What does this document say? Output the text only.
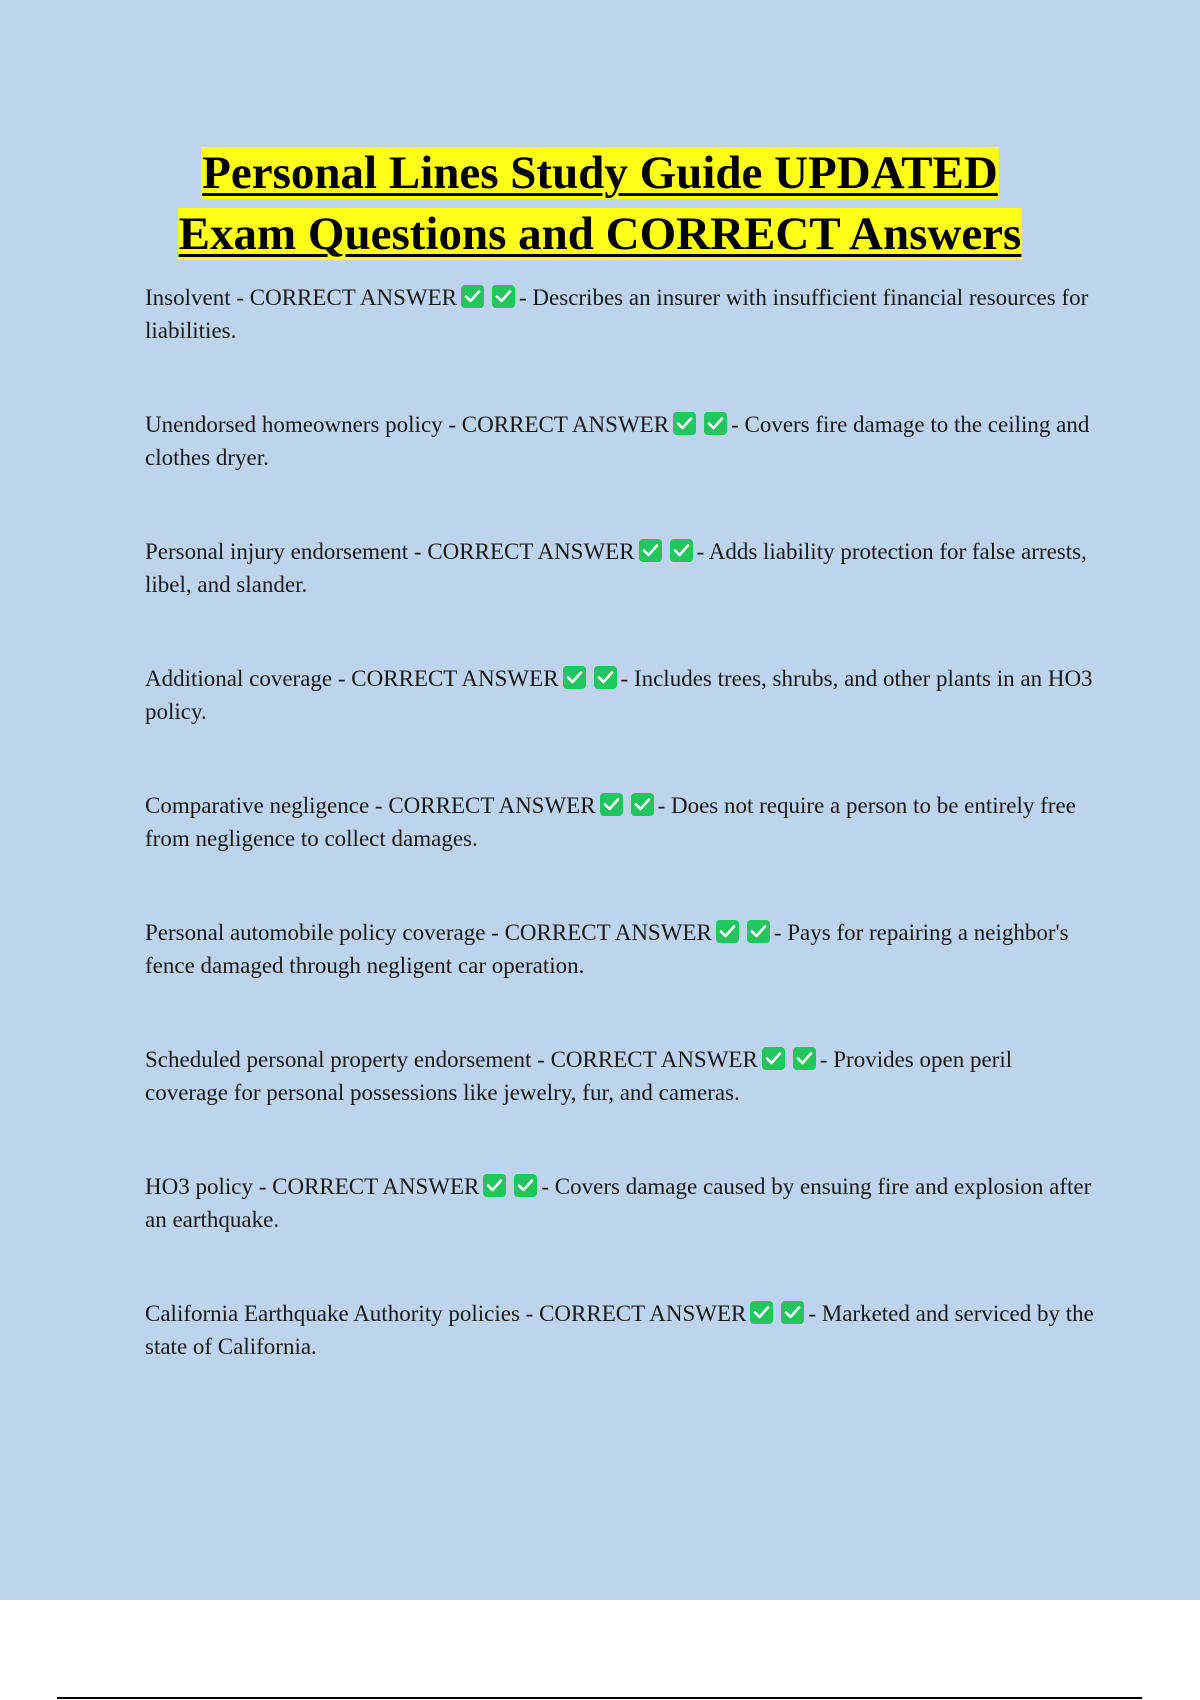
Personal Lines Study Guide UPDATED
Exam Questions and CORRECT Answers
Insolvent - CORRECT ANSWER	- Describes an insurer with insufficient financial resources for liabilities.
Unendorsed homeowners policy - CORRECT ANSWER	- Covers fire damage to the ceiling and clothes dryer.
Personal injury endorsement - CORRECT ANSWER	- Adds liability protection for false arrests, libel, and slander.
Additional coverage - CORRECT ANSWER	- Includes trees, shrubs, and other plants in an HO3 policy.
Comparative negligence - CORRECT ANSWER	- Does not require a person to be entirely free from negligence to collect damages.
Personal automobile policy coverage - CORRECT ANSWER	- Pays for repairing a neighbor's fence damaged through negligent car operation.
Scheduled personal property endorsement - CORRECT ANSWER	- Provides open peril coverage for personal possessions like jewelry, fur, and cameras.
HO3 policy - CORRECT ANSWER	- Covers damage caused by ensuing fire and explosion after an earthquake.
California Earthquake Authority policies - CORRECT ANSWER	- Marketed and serviced by the state of California.
